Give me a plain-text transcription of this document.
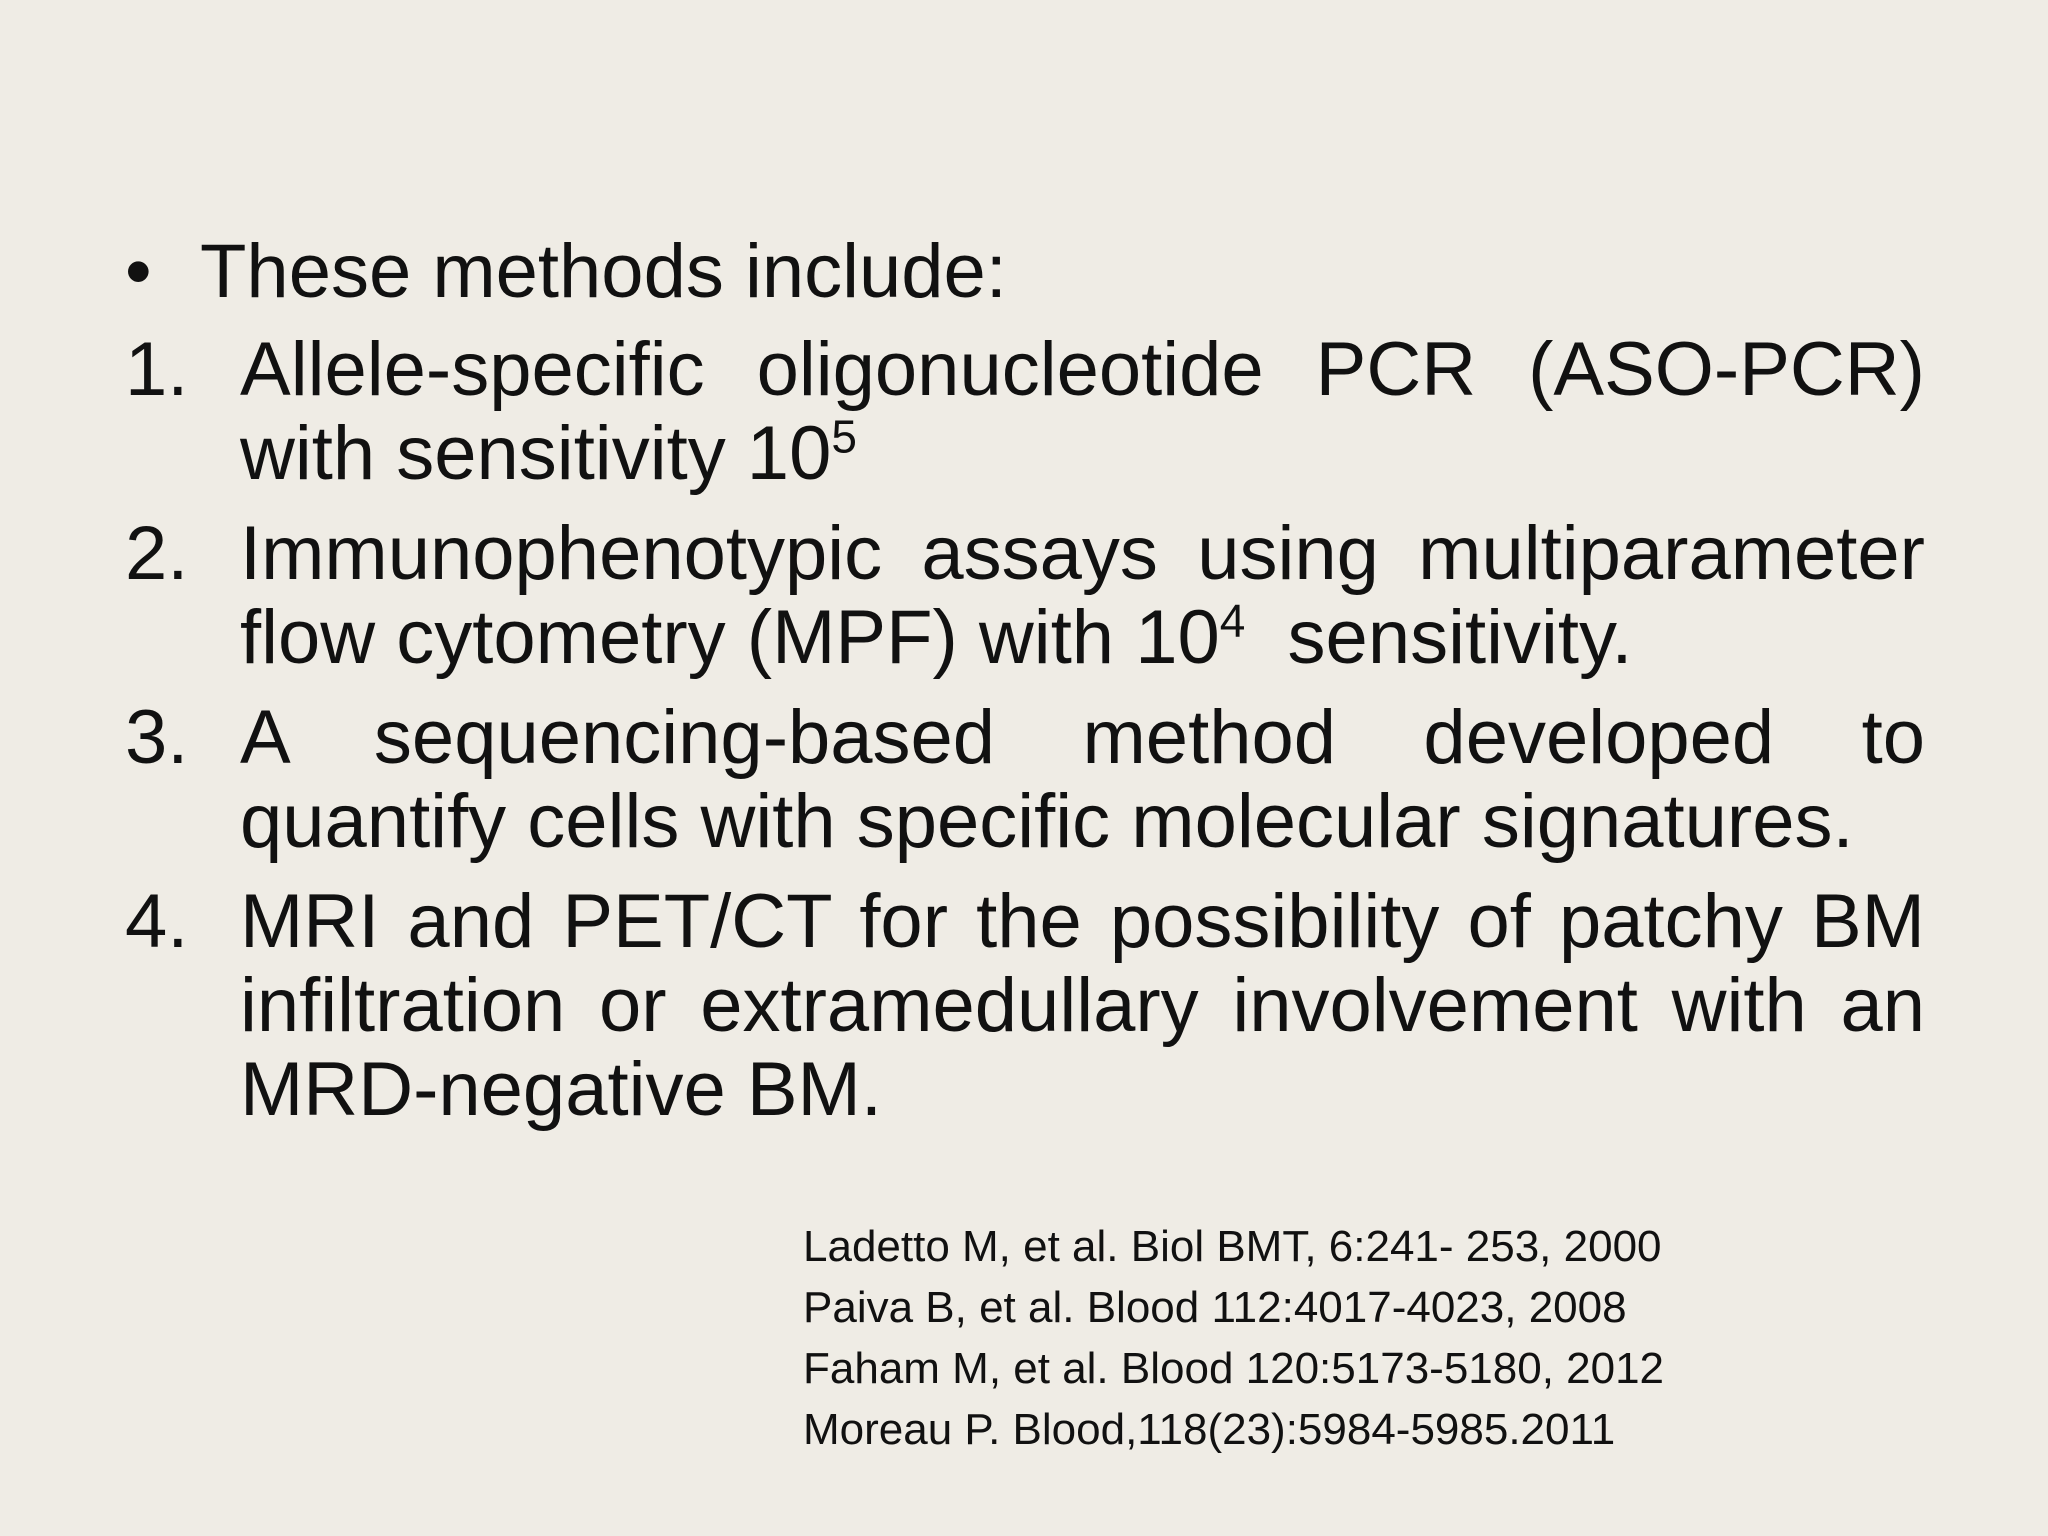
• These methods include:
1. Allele-specific oligonucleotide PCR (ASO-PCR) with sensitivity $10^5$
2. Immunophenotypic assays using multiparameter flow cytometry (MPF) with $10^4$  sensitivity.
3. A sequencing-based method developed to quantify cells with specific molecular signatures.
4. MRI and PET/CT for the possibility of patchy BM infiltration or extramedullary involvement with an MRD-negative BM.
Ladetto M, et al. Biol BMT, 6:241- 253, 2000
Paiva B, et al. Blood 112:4017-4023, 2008
Faham M, et al. Blood 120:5173-5180, 2012
Moreau P. Blood,118(23):5984-5985.2011
